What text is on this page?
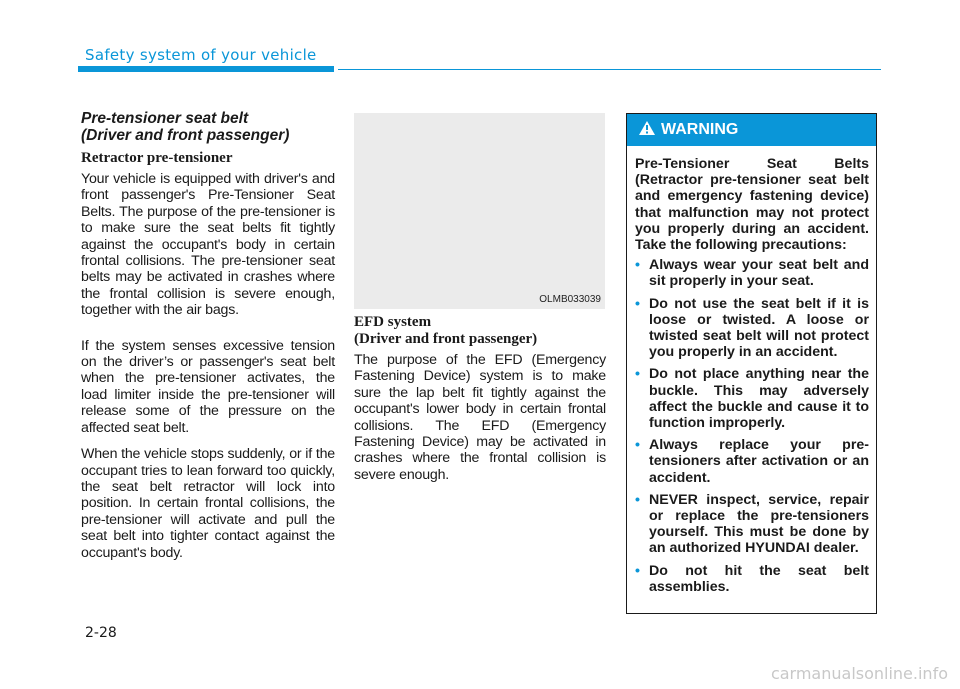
Safety system of your vehicle
Pre-tensioner seat belt
(Driver and front passenger)
Retractor pre-tensioner

Your vehicle is equipped with driver's and front passenger's Pre-Tensioner Seat Belts. The purpose of the pre-tensioner is to make sure the seat belts fit tightly against the occupant's body in certain frontal collisions. The pre-tensioner seat belts may be activated in crashes where the frontal collision is severe enough, together with the air bags.

If the system senses excessive tension on the driver’s or passenger's seat belt when the pre-tensioner activates, the load limiter inside the pre-tensioner will release some of the pressure on the affected seat belt.

When the vehicle stops suddenly, or if the occupant tries to lean forward too quickly, the seat belt retractor will lock into position. In certain frontal collisions, the pre-tensioner will activate and pull the seat belt into tighter contact against the occupant's body.

OLMB033039
EFD system
(Driver and front passenger)

The purpose of the EFD (Emergency Fastening Device) system is to make sure the lap belt fit tightly against the occupant's lower body in certain frontal collisions. The EFD (Emergency Fastening Device) may be activated in crashes where the frontal collision is severe enough.

WARNING

Pre-Tensioner Seat Belts (Retractor pre-tensioner seat belt and emergency fastening device) that malfunction may not protect you properly during an accident. Take the following precautions:

• Always wear your seat belt and sit properly in your seat.
• Do not use the seat belt if it is loose or twisted. A loose or twisted seat belt will not protect you properly in an accident.
• Do not place anything near the buckle. This may adversely affect the buckle and cause it to function improperly.
• Always replace your pre-tensioners after activation or an accident.
• NEVER inspect, service, repair or replace the pre-tensioners yourself. This must be done by an authorized HYUNDAI dealer.
• Do not hit the seat belt assemblies.
2-28
carmanualsonline.info
